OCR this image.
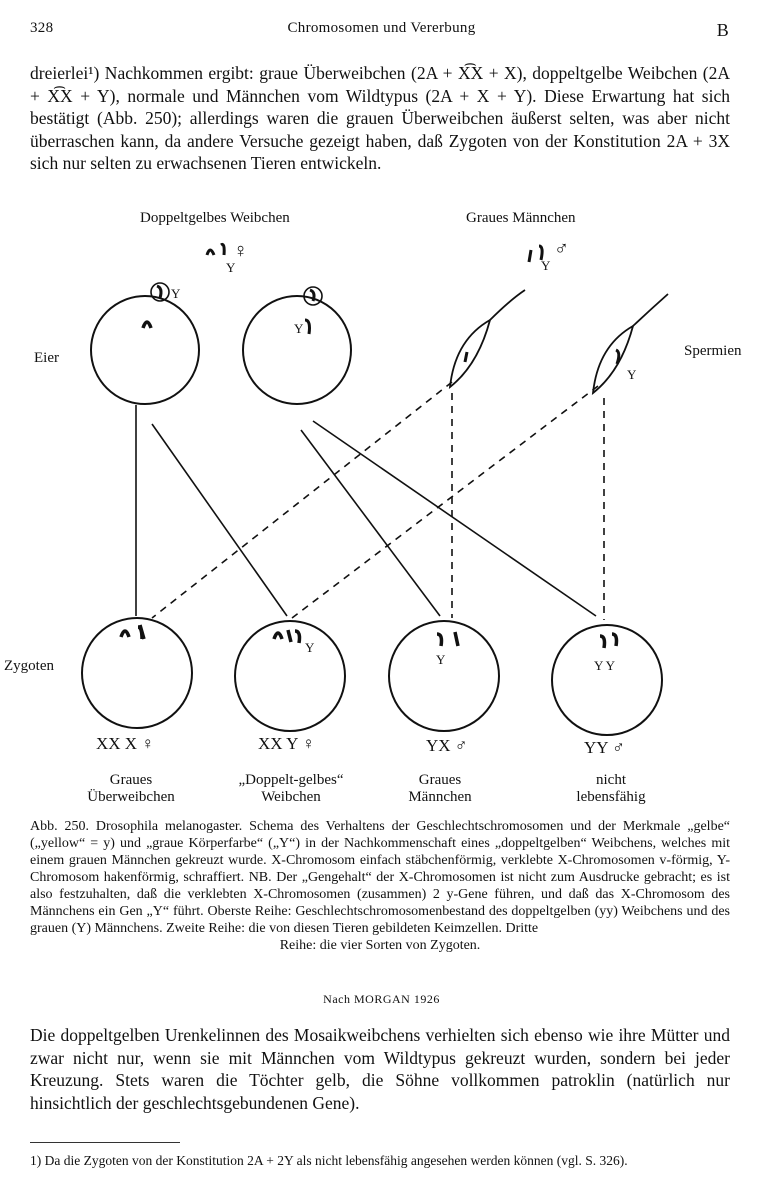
328	Chromosomen und Vererbung	B
dreierlei¹) Nachkommen ergibt: graue Überweibchen (2A + X͡X + X), doppeltgelbe Weibchen (2A + X͡X + Y), normale und Männchen vom Wildtypus (2A + X + Y). Diese Erwartung hat sich bestätigt (Abb. 250); allerdings waren die grauen Überweibchen äußerst selten, was aber nicht überraschen kann, da andere Versuche gezeigt haben, daß Zygoten von der Konstitution 2A + 3X sich nur selten zu erwachsenen Tieren entwickeln.
Doppeltgelbes Weibchen	Graues Männchen
Y
♀
Y
♂
Y
Y
Y
Eier	Spermien
Zygoten
Y
Y	Y Y
XX X ♀	XX Y ♀	YX ♂	YY ♂
Graues
Überweibchen
„Doppelt-gelbes“
Weibchen
Graues
Männchen
nicht
lebensfähig
Abb. 250. Drosophila melanogaster. Schema des Verhaltens der Geschlechtschromosomen und der Merkmale „gelbe“ („yellow“ = y) und „graue Körperfarbe“ („Y“) in der Nachkommenschaft eines „doppeltgelben“ Weibchens, welches mit einem grauen Männchen gekreuzt wurde. X-Chromosom einfach stäbchenförmig, verklebte X-Chromosomen v-förmig, Y-Chromosom hakenförmig, schraffiert. NB. Der „Gengehalt“ der X-Chromosomen ist nicht zum Ausdrucke gebracht; es ist also festzuhalten, daß die verklebten X-Chromosomen (zusammen) 2 y-Gene führen, und daß das X-Chromosom des Männchens ein Gen „Y“ führt. Oberste Reihe: Geschlechtschromosomenbestand des doppeltgelben (yy) Weibchens und des grauen (Y) Männchens. Zweite Reihe: die von diesen Tieren gebildeten Keimzellen. Dritte
Reihe: die vier Sorten von Zygoten.
Nach MORGAN 1926
Die doppeltgelben Urenkelinnen des Mosaikweibchens verhielten sich ebenso wie ihre Mütter und zwar nicht nur, wenn sie mit Männchen vom Wildtypus gekreuzt wurden, sondern bei jeder Kreuzung. Stets waren die Töchter gelb, die Söhne vollkommen patroklin (natürlich nur hinsichtlich der geschlechtsgebundenen Gene).
1) Da die Zygoten von der Konstitution 2A + 2Y als nicht lebensfähig angesehen werden können (vgl. S. 326).
